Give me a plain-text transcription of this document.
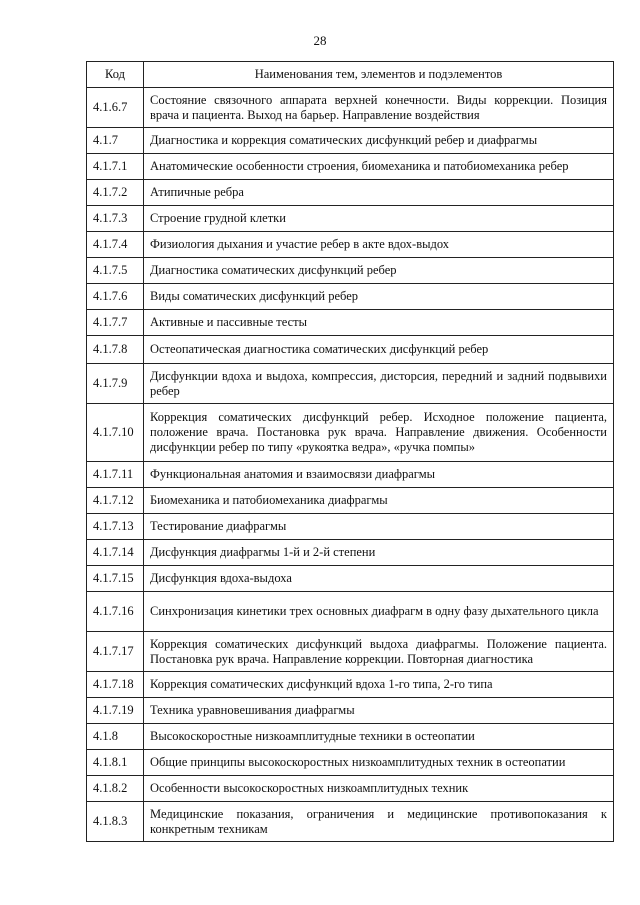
28
Код	Наименования тем, элементов и подэлементов
4.1.6.7	Состояние связочного аппарата верхней конечности. Виды коррекции. Позиция врача и пациента. Выход на барьер. Направление воздействия
4.1.7	Диагностика и коррекция соматических дисфункций ребер и диафрагмы
4.1.7.1	Анатомические особенности строения, биомеханика и патобиомеханика ребер
4.1.7.2	Атипичные ребра
4.1.7.3	Строение грудной клетки
4.1.7.4	Физиология дыхания и участие ребер в акте вдох-выдох
4.1.7.5	Диагностика соматических дисфункций ребер
4.1.7.6	Виды соматических дисфункций ребер
4.1.7.7	Активные и пассивные тесты
4.1.7.8	Остеопатическая диагностика соматических дисфункций ребер
4.1.7.9	Дисфункции вдоха и выдоха, компрессия, дисторсия, передний и задний подвывихи ребер
4.1.7.10	Коррекция соматических дисфункций ребер. Исходное положение пациента, положение врача. Постановка рук врача. Направление движения. Особенности дисфункции ребер по типу «рукоятка ведра», «ручка помпы»
4.1.7.11	Функциональная анатомия и взаимосвязи диафрагмы
4.1.7.12	Биомеханика и патобиомеханика диафрагмы
4.1.7.13	Тестирование диафрагмы
4.1.7.14	Дисфункция диафрагмы 1-й и 2-й степени
4.1.7.15	Дисфункция вдоха-выдоха
4.1.7.16	Синхронизация кинетики трех основных диафрагм в одну фазу дыхательного цикла
4.1.7.17	Коррекция соматических дисфункций выдоха диафрагмы. Положение пациента. Постановка рук врача. Направление коррекции. Повторная диагностика
4.1.7.18	Коррекция соматических дисфункций вдоха 1-го типа, 2-го типа
4.1.7.19	Техника уравновешивания диафрагмы
4.1.8	Высокоскоростные низкоамплитудные техники в остеопатии
4.1.8.1	Общие принципы высокоскоростных низкоамплитудных техник в остеопатии
4.1.8.2	Особенности высокоскоростных низкоамплитудных техник
4.1.8.3	Медицинские показания, ограничения и медицинские противопоказания к конкретным техникам
